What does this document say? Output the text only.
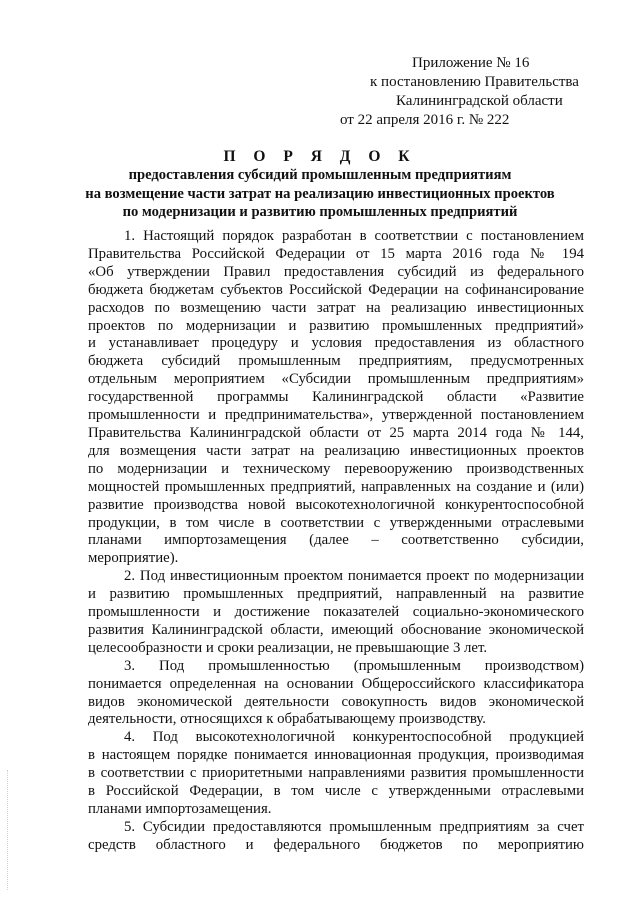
Приложение № 16
к постановлению Правительства
Калининградской области
от 22 апреля 2016 г. № 222
П О Р Я Д О К
предоставления субсидий промышленным предприятиям
на возмещение части затрат на реализацию инвестиционных проектов
по модернизации и развитию промышленных предприятий
1. Настоящий порядок разработан в соответствии с постановлением
Правительства Российской Федерации от 15 марта 2016 года № 194
«Об утверждении Правил предоставления субсидий из федерального
бюджета бюджетам субъектов Российской Федерации на софинансирование
расходов по возмещению части затрат на реализацию инвестиционных
проектов по модернизации и развитию промышленных предприятий»
и устанавливает процедуру и условия предоставления из областного
бюджета субсидий промышленным предприятиям, предусмотренных
отдельным мероприятием «Субсидии промышленным предприятиям»
государственной программы Калининградской области «Развитие
промышленности и предпринимательства», утвержденной постановлением
Правительства Калининградской области от 25 марта 2014 года № 144,
для возмещения части затрат на реализацию инвестиционных проектов
по модернизации и техническому перевооружению производственных
мощностей промышленных предприятий, направленных на создание и (или)
развитие производства новой высокотехнологичной конкурентоспособной
продукции, в том числе в соответствии с утвержденными отраслевыми
планами импортозамещения (далее – соответственно субсидии,
мероприятие).
2. Под инвестиционным проектом понимается проект по модернизации
и развитию промышленных предприятий, направленный на развитие
промышленности и достижение показателей социально-экономического
развития Калининградской области, имеющий обоснование экономической
целесообразности и сроки реализации, не превышающие 3 лет.
3. Под промышленностью (промышленным производством)
понимается определенная на основании Общероссийского классификатора
видов экономической деятельности совокупность видов экономической
деятельности, относящихся к обрабатывающему производству.
4. Под высокотехнологичной конкурентоспособной продукцией
в настоящем порядке понимается инновационная продукция, производимая
в соответствии с приоритетными направлениями развития промышленности
в Российской Федерации, в том числе с утвержденными отраслевыми
планами импортозамещения.
5. Субсидии предоставляются промышленным предприятиям за счет
средств областного и федерального бюджетов по мероприятию
